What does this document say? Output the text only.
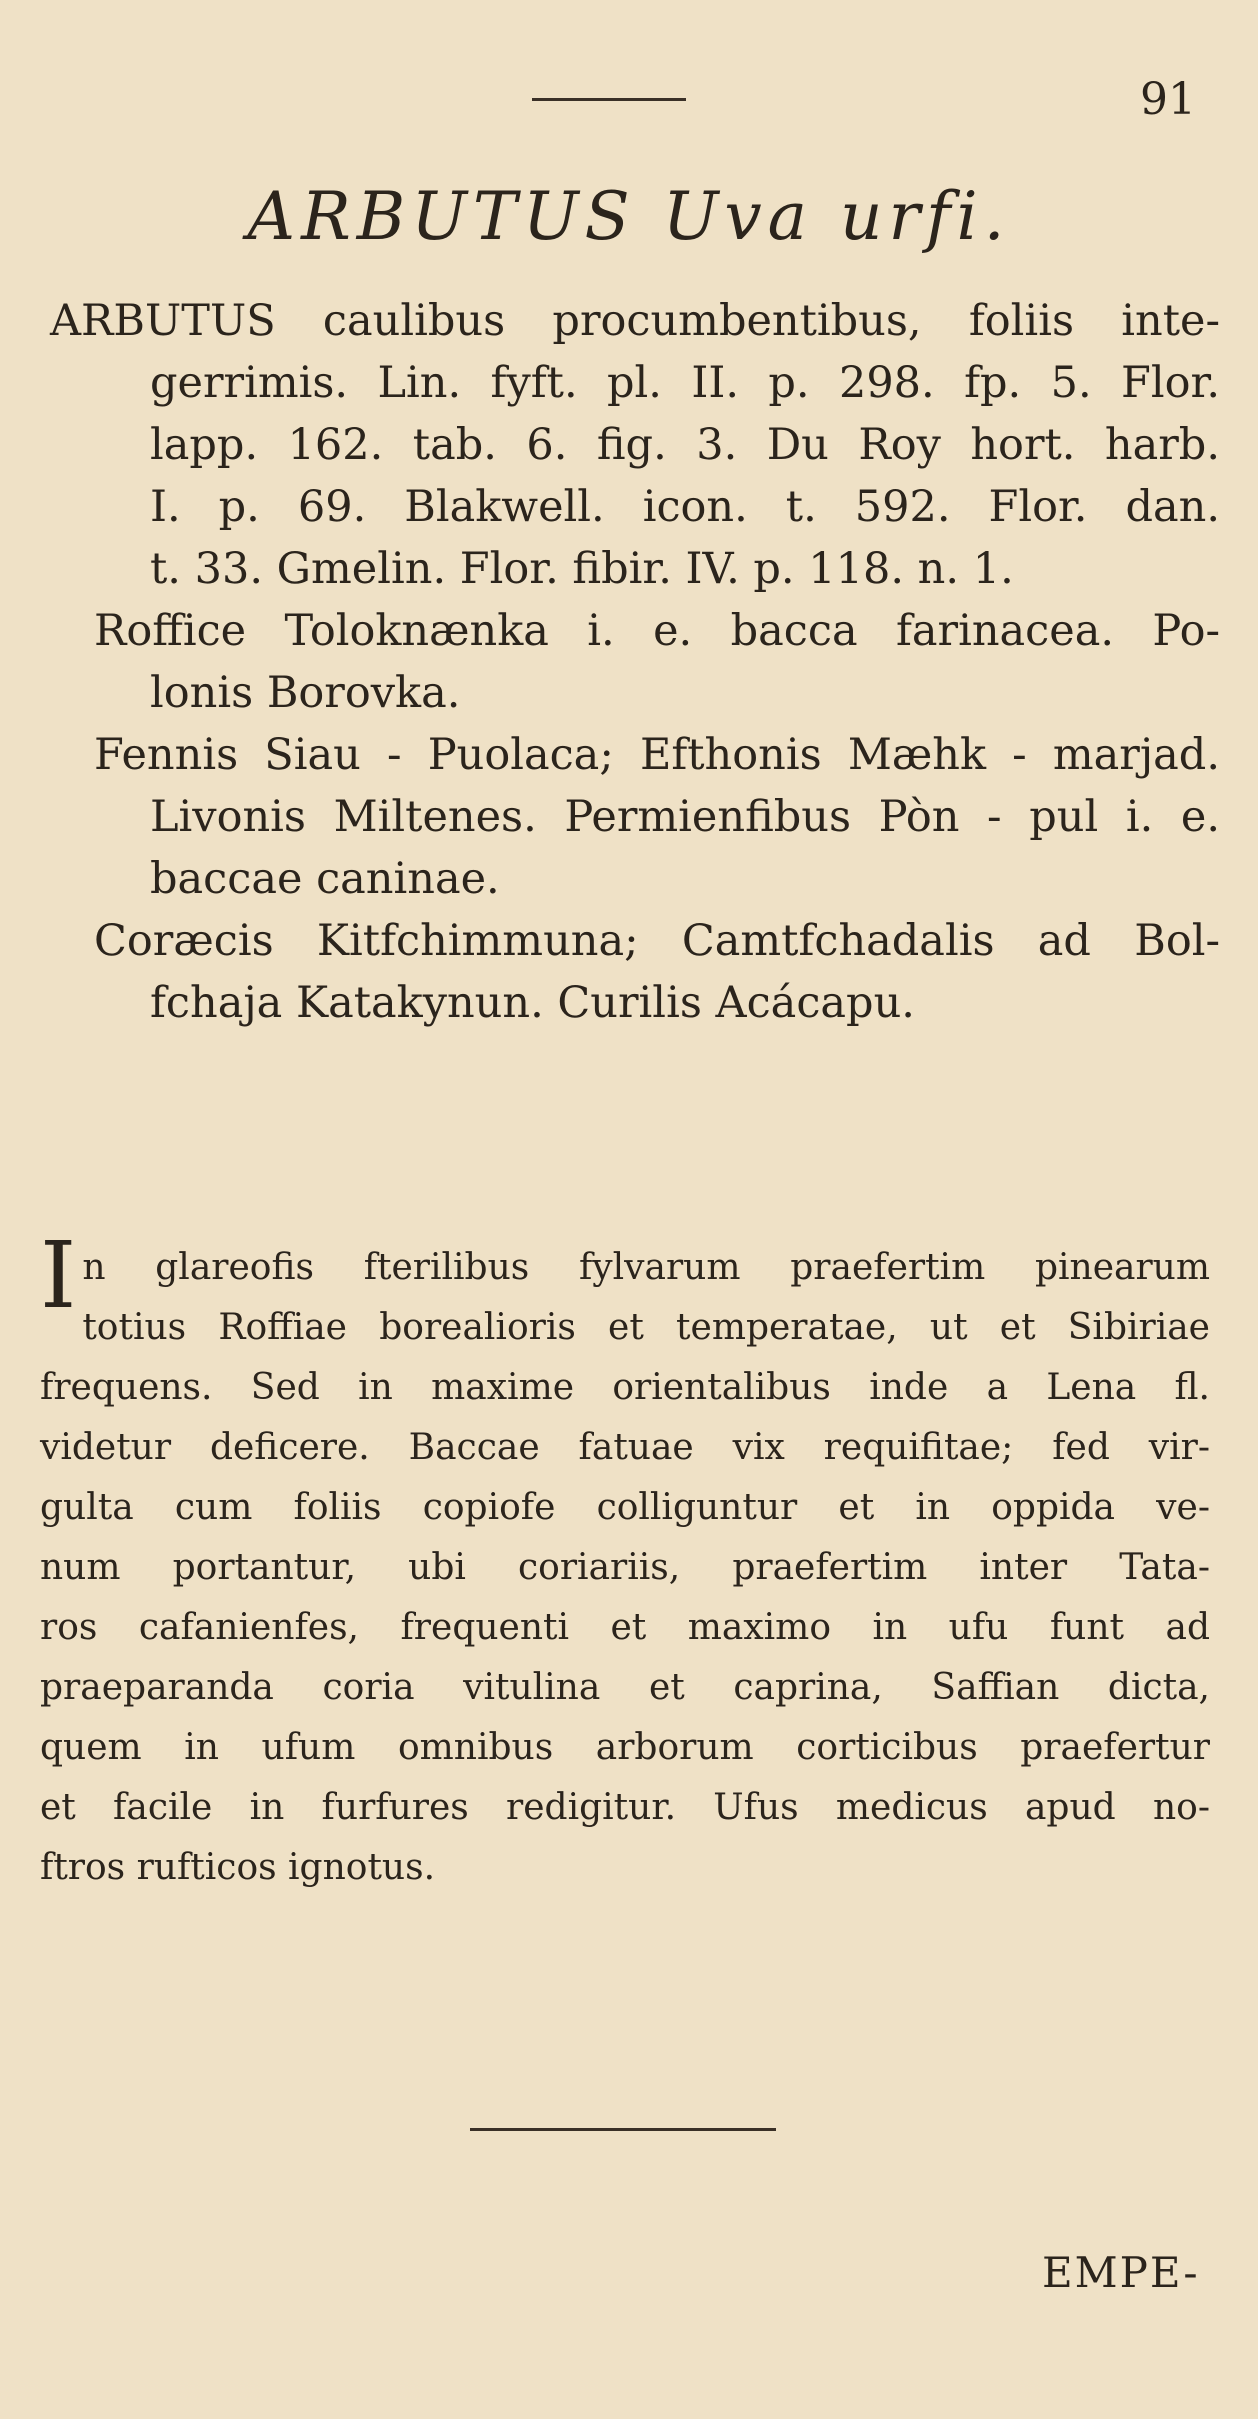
91
ARBUTUS Uva urfi.
ARBUTUS caulibus procumbentibus, foliis inte-
gerrimis. Lin. fyft. pl. II. p. 298. fp. 5. Flor.
lapp. 162. tab. 6. fig. 3. Du Roy hort. harb.
I. p. 69. Blakwell. icon. t. 592. Flor. dan.
t. 33. Gmelin. Flor. fibir. IV. p. 118. n. 1.
Roffice Toloknænka i. e. bacca farinacea. Po-
lonis Borovka.
Fennis Siau - Puolaca; Efthonis Mæhk - marjad.
Livonis Miltenes. Permienfibus Pòn - pul i. e.
baccae caninae.
Coræcis Kitfchimmuna; Camtfchadalis ad Bol-
fchaja Katakynun. Curilis Acácapu.
I n glareofis fterilibus fylvarum praefertim pinearum
totius Roffiae borealioris et temperatae, ut et Sibiriae
frequens. Sed in maxime orientalibus inde a Lena fl.
videtur deficere. Baccae fatuae vix requifitae; fed vir-
gulta cum foliis copiofe colliguntur et in oppida ve-
num portantur, ubi coriariis, praefertim inter Tata-
ros cafanienfes, frequenti et maximo in ufu funt ad
praeparanda coria vitulina et caprina, Saffian dicta,
quem in ufum omnibus arborum corticibus praefertur
et facile in furfures redigitur. Ufus medicus apud no-
ftros rufticos ignotus.
EMPE-
